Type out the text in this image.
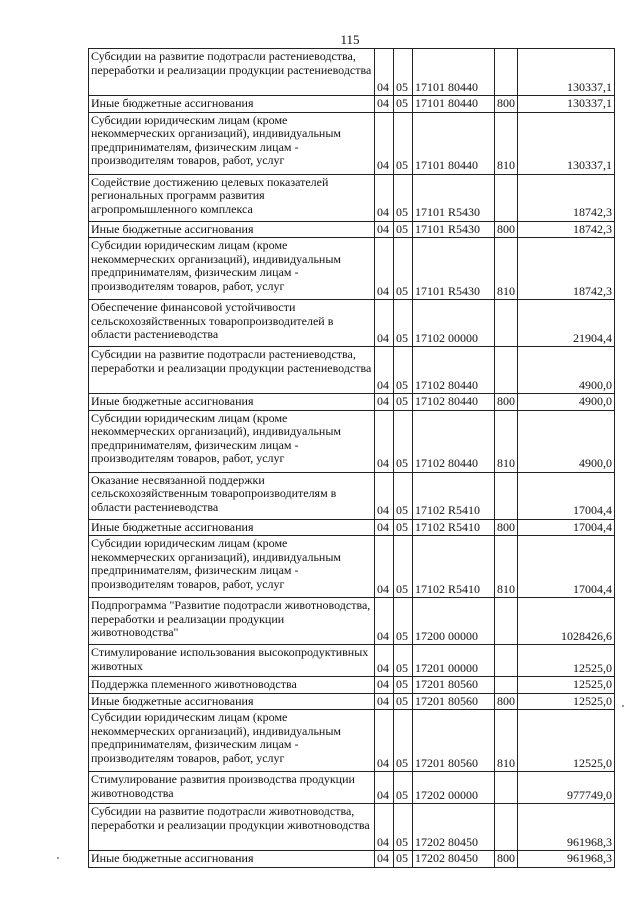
115
Субсидии на развитие подотрасли растениеводства, переработки и реализации продукции растениеводства	04	05	17101 80440		130337,1
Иные бюджетные ассигнования	04	05	17101 80440	800	130337,1
Субсидии юридическим лицам (кроме некоммерческих организаций), индивидуальным предпринимателям, физическим лицам - производителям товаров, работ, услуг	04	05	17101 80440	810	130337,1
Содействие достижению целевых показателей региональных программ развития агропромышленного комплекса	04	05	17101 R5430		18742,3
Иные бюджетные ассигнования	04	05	17101 R5430	800	18742,3
Субсидии юридическим лицам (кроме некоммерческих организаций), индивидуальным предпринимателям, физическим лицам - производителям товаров, работ, услуг	04	05	17101 R5430	810	18742,3
Обеспечение финансовой устойчивости сельскохозяйственных товаропроизводителей в области растениеводства	04	05	17102 00000		21904,4
Субсидии на развитие подотрасли растениеводства, переработки и реализации продукции растениеводства	04	05	17102 80440		4900,0
Иные бюджетные ассигнования	04	05	17102 80440	800	4900,0
Субсидии юридическим лицам (кроме некоммерческих организаций), индивидуальным предпринимателям, физическим лицам - производителям товаров, работ, услуг	04	05	17102 80440	810	4900,0
Оказание несвязанной поддержки сельскохозяйственным товаропроизводителям в области растениеводства	04	05	17102 R5410		17004,4
Иные бюджетные ассигнования	04	05	17102 R5410	800	17004,4
Субсидии юридическим лицам (кроме некоммерческих организаций), индивидуальным предпринимателям, физическим лицам - производителям товаров, работ, услуг	04	05	17102 R5410	810	17004,4
Подпрограмма "Развитие подотрасли животноводства, переработки и реализации продукции животноводства"	04	05	17200 00000		1028426,6
Стимулирование использования высокопродуктивных животных	04	05	17201 00000		12525,0
Поддержка племенного животноводства	04	05	17201 80560		12525,0
Иные бюджетные ассигнования	04	05	17201 80560	800	12525,0
Субсидии юридическим лицам (кроме некоммерческих организаций), индивидуальным предпринимателям, физическим лицам - производителям товаров, работ, услуг	04	05	17201 80560	810	12525,0
Стимулирование развития производства продукции животноводства	04	05	17202 00000		977749,0
Субсидии на развитие подотрасли животноводства, переработки и реализации продукции животноводства	04	05	17202 80450		961968,3
Иные бюджетные ассигнования	04	05	17202 80450	800	961968,3
